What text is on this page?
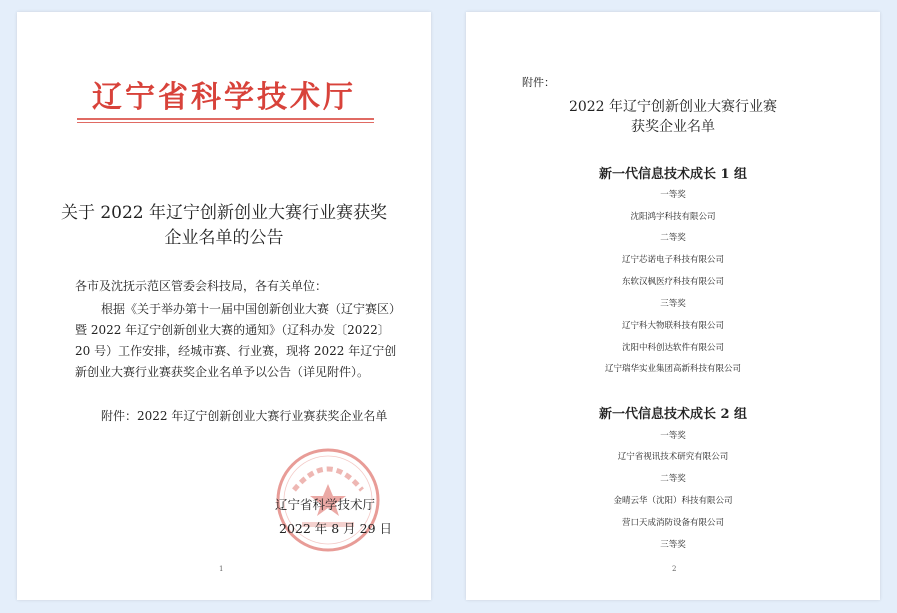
辽宁省科学技术厅
关于 2022 年辽宁创新创业大赛行业赛获奖
企业名单的公告
各市及沈抚示范区管委会科技局，各有关单位：
根据《关于举办第十一届中国创新创业大赛（辽宁赛区）
暨 2022 年辽宁创新创业大赛的通知》（辽科办发〔2022〕
20 号）工作安排，经城市赛、行业赛，现将 2022 年辽宁创
新创业大赛行业赛获奖企业名单予以公告（详见附件）。
附件：2022 年辽宁创新创业大赛行业赛获奖企业名单
辽宁省科学技术厅
2022 年 8 月 29 日
1
附件：
2022 年辽宁创新创业大赛行业赛
获奖企业名单
新一代信息技术成长 1 组
一等奖
沈阳鸿宇科技有限公司
二等奖
辽宁芯诺电子科技有限公司
东软汉枫医疗科技有限公司
三等奖
辽宁科大物联科技有限公司
沈阳中科创达软件有限公司
辽宁瑞华实业集团高新科技有限公司
新一代信息技术成长 2 组
一等奖
辽宁省视讯技术研究有限公司
二等奖
金晴云华（沈阳）科技有限公司
营口天成消防设备有限公司
三等奖
2
